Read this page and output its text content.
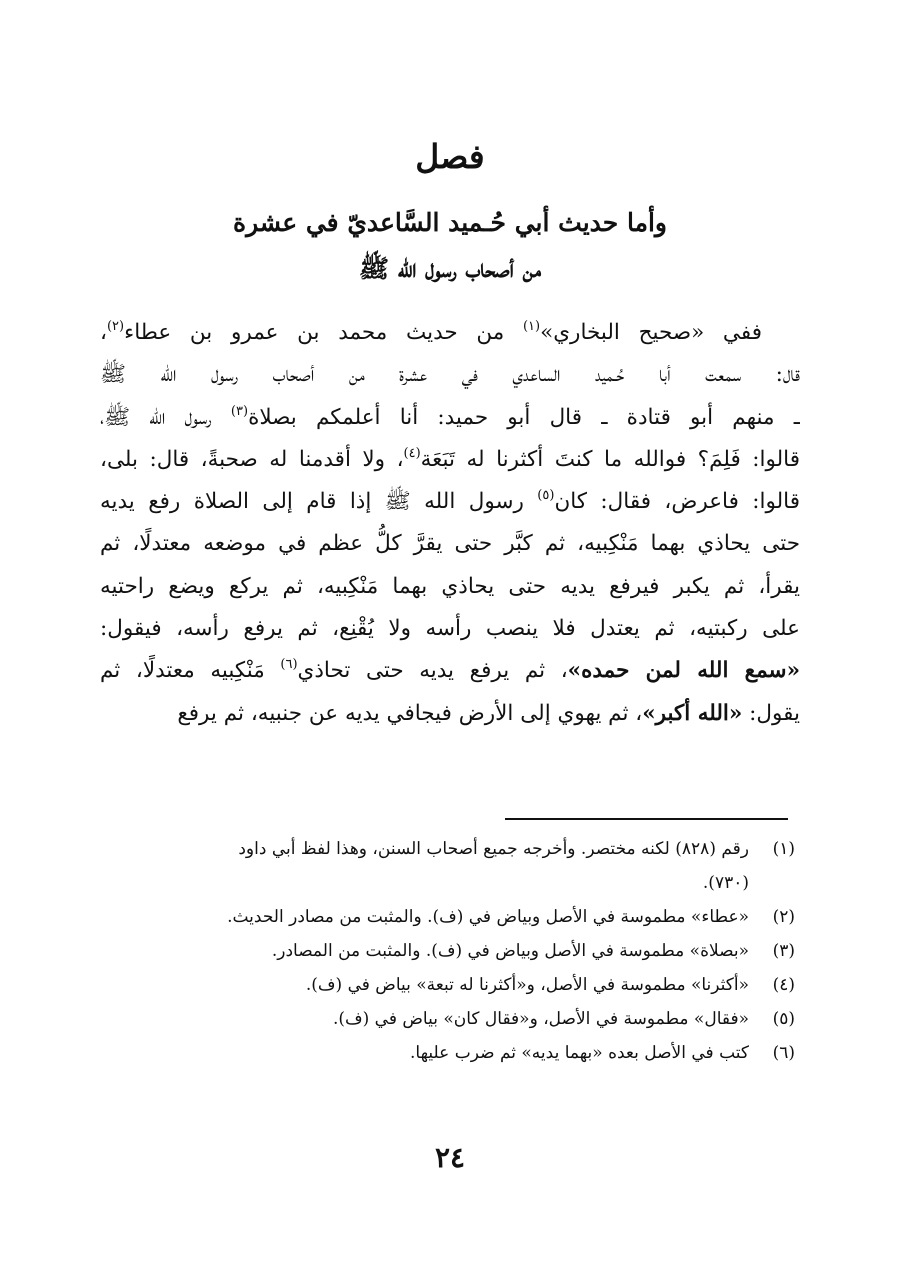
فصل
وأما حديث أبي حُـميد السَّاعديّ في عشرة
من أصحاب رسول الله ﷺ
ففي «صحيح البخاري»$^{(١)}$ من حديث محمد بن عمرو بن عطاء$^{(٢)}$،
قال: سمعت أبا حُـميد الساعدي في عشرة من أصحاب رسول الله ﷺ
ـ منهم أبو قتادة ـ قال أبو حميد: أنا أعلمكم بصلاة$^{(٣)}$ رسول الله ﷺ،
قالوا: فَلِمَ؟ فوالله ما كنتَ أكثرنا له تَبَعَة$^{(٤)}$، ولا أقدمنا له صحبةً، قال: بلى،
قالوا: فاعرض، فقال: كان$^{(٥)}$ رسول الله ﷺ إذا قام إلى الصلاة رفع يديه
حتى يحاذي بهما مَنْكِبيه، ثم كبَّر حتى يقرَّ كلُّ عظم في موضعه معتدلًا، ثم
يقرأ، ثم يكبر فيرفع يديه حتى يحاذي بهما مَنْكِبيه، ثم يركع ويضع راحتيه
على ركبتيه، ثم يعتدل فلا ينصب رأسه ولا يُقْنِع، ثم يرفع رأسه، فيقول:
«سمع الله لمن حمده»، ثم يرفع يديه حتى تحاذي$^{(٦)}$ مَنْكِبيه معتدلًا، ثم
يقول: «الله أكبر»، ثم يهوي إلى الأرض فيجافي يديه عن جنبيه، ثم يرفع
(١)
رقم (٨٢٨) لكنه مختصر. وأخرجه جميع أصحاب السنن، وهذا لفظ أبي داود
(٧٣٠).
(٢)
«عطاء» مطموسة في الأصل وبياض في (ف). والمثبت من مصادر الحديث.
(٣)
«بصلاة» مطموسة في الأصل وبياض في (ف). والمثبت من المصادر.
(٤)
«أكثرنا» مطموسة في الأصل، و«أكثرنا له تبعة» بياض في (ف).
(٥)
«فقال» مطموسة في الأصل، و«فقال كان» بياض في (ف).
(٦)
كتب في الأصل بعده «بهما يديه» ثم ضرب عليها.
٢٤
